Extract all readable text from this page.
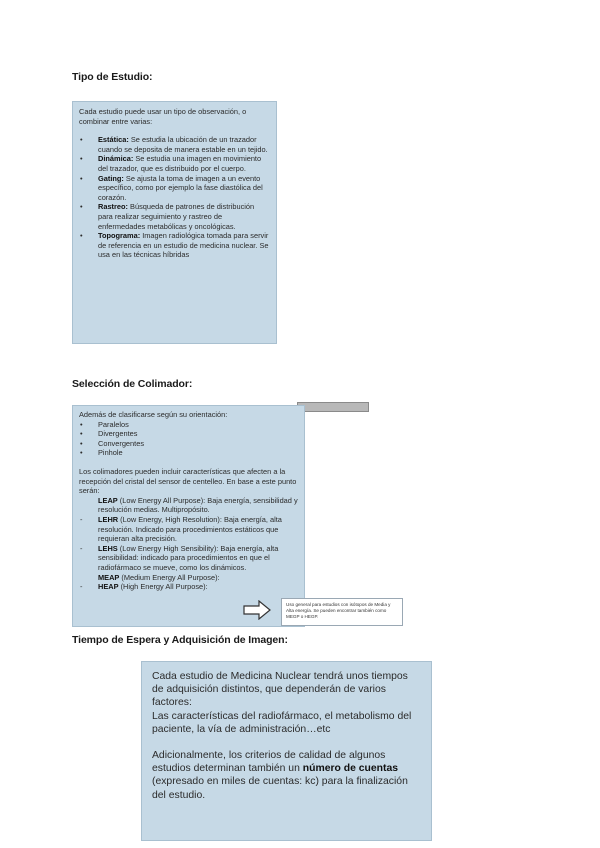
Tipo de Estudio:

Cada estudio puede usar un tipo de observación, o combinar entre varias:

• Estática: Se estudia la ubicación de un trazador cuando se deposita de manera estable en un tejido.
• Dinámica: Se estudia una imagen en movimiento del trazador, que es distribuido por el cuerpo.
• Gating: Se ajusta la toma de imagen a un evento específico, como por ejemplo la fase diastólica del corazón.
• Rastreo: Búsqueda de patrones de distribución para realizar seguimiento y rastreo de enfermedades metabólicas y oncológicas.
• Topograma: Imagen radiológica tomada para servir de referencia en un estudio de medicina nuclear. Se usa en las técnicas híbridas
Selección de Colimador:

Además de clasificarse según su orientación:

• Paralelos
• Divergentes
• Convergentes
• Pinhole

Los colimadores pueden incluir características que afecten a la recepción del cristal del sensor de centelleo. En base a este punto serán:

LEAP (Low Energy All Purpose): Baja energía, sensibilidad y resolución medias. Multipropósito.
- LEHR (Low Energy, High Resolution): Baja energía, alta resolución. Indicado para procedimientos estáticos que requieran alta precisión.
- LEHS (Low Energy High Sensibility): Baja energía, alta sensibilidad: indicado para procedimientos en que el radiofármaco se mueve, como los dinámicos.
MEAP (Medium Energy All Purpose):
- HEAP (High Energy All Purpose):
Uso general para estudios con isótopos de Media y Alta energía. Se pueden encontrar también como MEGP o HEGP.
Tiempo de Espera y Adquisición de Imagen:

Cada estudio de Medicina Nuclear tendrá unos tiempos de adquisición distintos, que dependerán de varios factores:

Las características del radiofármaco, el metabolismo del paciente, la vía de administración…etc

Adicionalmente, los criterios de calidad de algunos estudios determinan también un número de cuentas (expresado en miles de cuentas: kc) para la finalización del estudio.
